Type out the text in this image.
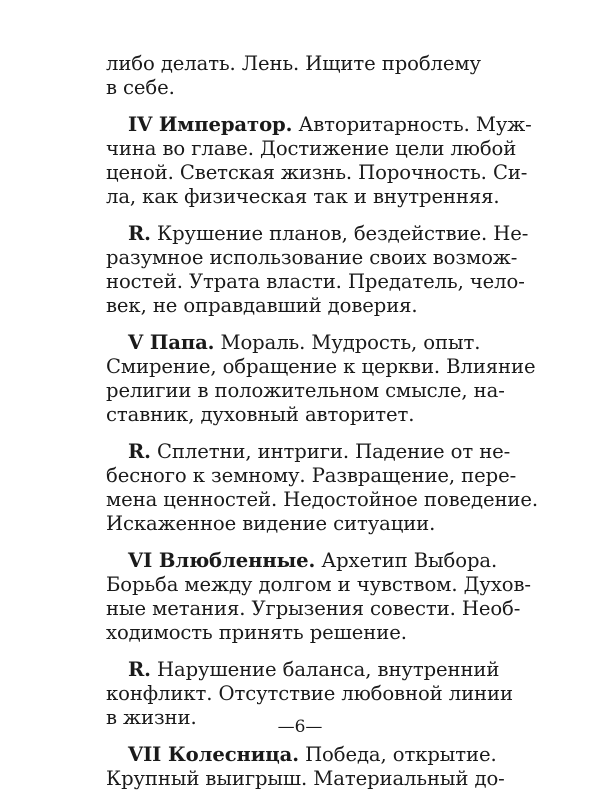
либо делать. Лень. Ищите проблему
в себе.
IV Император. Авторитарность. Муж-
чина во главе. Достижение цели любой
ценой. Светская жизнь. Порочность. Си-
ла, как физическая так и внутренняя.
R. Крушение планов, бездействие. Не-
разумное использование своих возмож-
ностей. Утрата власти. Предатель, чело-
век, не оправдавший доверия.
V Папа. Мораль. Мудрость, опыт.
Смирение, обращение к церкви. Влияние
религии в положительном смысле, на-
ставник, духовный авторитет.
R. Сплетни, интриги. Падение от не-
бесного к земному. Развращение, пере-
мена ценностей. Недостойное поведение.
Искаженное видение ситуации.
VI Влюбленные. Архетип Выбора.
Борьба между долгом и чувством. Духов-
ные метания. Угрызения совести. Необ-
ходимость принять решение.
R. Нарушение баланса, внутренний
конфликт. Отсутствие любовной линии
в жизни.
VII Колесница. Победа, открытие.
Крупный выигрыш. Материальный до-
—6—
